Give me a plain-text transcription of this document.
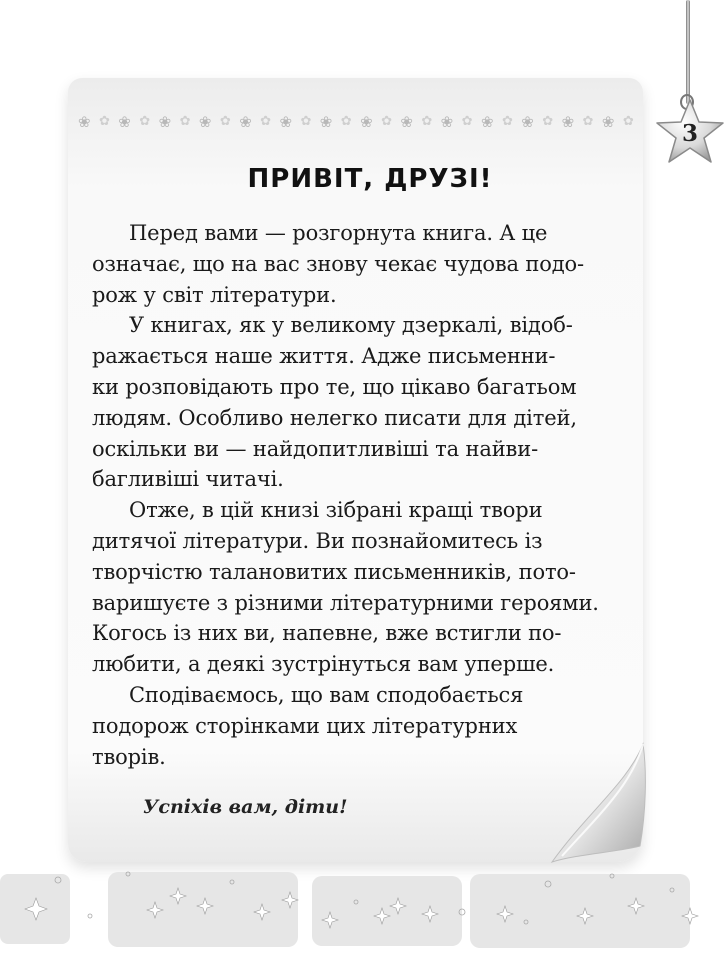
3
❀ ✿ ❀ ✿ ❀ ✿ ❀ ✿ ❀ ✿ ❀ ✿ ❀ ✿ ❀ ✿ ❀ ✿ ❀ ✿ ❀ ✿ ❀ ✿ ❀ ✿ ❀ ✿
ПРИВІТ, ДРУЗІ!
Перед вами — розгорнута книга. А це
означає, що на вас знову чекає чудова подо-
рож у світ літератури.
У книгах, як у великому дзеркалі, відоб-
ражається наше життя. Адже письменни-
ки розповідають про те, що цікаво багатьом
людям. Особливо нелегко писати для дітей,
оскільки ви — найдопитливіші та найви-
багливіші читачі.
Отже, в цій книзі зібрані кращі твори
дитячої літератури. Ви познайомитесь із
творчістю талановитих письменників, пото-
варишуєте з різними літературними героями.
Когось із них ви, напевне, вже встигли по-
любити, а деякі зустрінуться вам уперше.
Сподіваємось, що вам сподобається
подорож сторінками цих літературних
творів.
Успіхів вам, діти!
